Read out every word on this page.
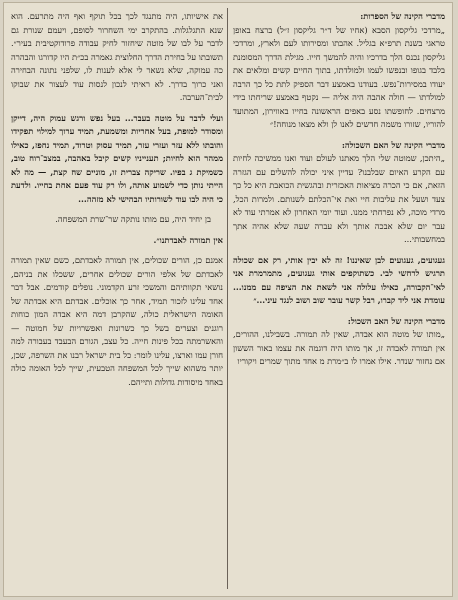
מדברי הקינה של הספרות:

„מרדכי גליקסון הסבא (אחיו של ד״ר גליקסון ז״ל) ברצח באופן טראגי בשנת תרפ״א בגליל. אהבתו ומסירותו לעם ולארץ, ומרדכי גליקסון נכנס הלך בדרכיו והיה להמשך חייו. מגילת הדרך המסומנת בלבד בגופו ובנפשו לעמו ולמולדתו, בתוך החיים קשים ומלאים את יעודו במסירות־נפש. בעודנו באמצע דבר הספיק לתת כל כך הרבה למולדתו — חולה אהבה היה אליה — נקטף באמצע שריחתו בידי מרצחים. לחופשתו נסע באפים הראשונה בחייו באווירון, המתועד להוריו, שזורו משמה חדשים לאנו לן ולא מצאו מנוחה!״

מדברי הקינה של האם השכולה:

„היתכן, שמוטה שלי הלך מאתנו לעולם ועוד ואנו ממשיכה לחיות עם הקרע האיום שבלבנו? עדיין איני יכולה להשלים עם הגזרה הזאת, אם כי הכרה מציאות האכזרית ובהגשית הכואבת היא כל כך צעד ושעל את עליבות חיי ואת אי־הכלתם לשנותם. ולמרות הכל, מרדי מוכה, לא נפרחתי ממנו. ועוד יומי האחרון לא אמרתי עוד לא עבר יום שלא אבכה אותך ולא עברה שעה שלא אהיה אתך במחשבותי...

געגועים, געגועים לבן שאיננו! זה לא יבין אותי, רק אם שכולה תרגיש לרחשי לבי. כשתוקפים אותי געגועים, מתמרמרת אני לאי־הקבורה, כאילו עלולה אני לשאת את הציפה עם ממנו... עומדת אני ליד קברו, רבל קשר עובר שוב ושוב לנגד עיני...״

מדברי הקינה של האב השכול:

„מותו של מוטה הוא אבדה, שאין לה תמורה. בשבילנו, ההורים, אין תמורה לאבדה זו, אך מותו היה דוגמה את עצמו באור הששון אם נחזור שנדר. אילו אמרו לו ב״מרת מ אחד מתוך שמרים ויקוריו

את אישיותו, היה מתנגד לכך בכל תוקף ואף היה מתרעם. הוא שנא התגלגלות. בהתקרב ימי השחרור לסופם, ויעמם שנורת גם לדבר על לבו של מוטה שיחזור לחיק עבודה פרודוקטיבית בעיר״. תשובתו על בחירת הדרך החלוצית גאמרה בכ״ת היו קדורגו והבהרה כה עמוקה, שלא נשאר לי אלא לענות לו, שלפני נתונה הבחירה ואני כרוך בדרך. לא ראיתי לנכון לנסות עוד לעצור את שבוקו לבית־הערבה.

ועלי לדבר על מוטה בעבר... בעל נפש ורגש עמוק היה, דייקן ומסודר למופת, בעל אחריות ומשמעת, תמיד ערוך למילוי תפקידו והובתו ללא עזר ועזרי עזר, תמיד עסוק וטרוד, תמיד נחפז, כאילו ממהר הוא לחיות; תענייניו קשים קיבל באהבה, במצב־רוח טוב, כשמיקת ג בפיו. שריקה צברית זו, מוניים שח קצת, — מה לא הייתי נותן כדי לשמוע אותה, ולו רק עוד פעם אחת בחייו. ולדעת כי היה לבו עוד לשורותיו הבהישי לא מזהה...

בן יחיד היה, עם מותו נותקה שר־שרת המשפחה.

אין תמורה לאבדתנו״.

אמנם כן, הורים שכולים, אין תמורה לאבדתם, כשם שאין תמורה לאבדתם של אלפי הורים שכולים אחרים, ששכלו את בניהם, נושאי תקוותיהם והמשכי זרע הקדמוני. נופלים קודמים. אבל דבר אחד עלינו לזכור תמיד, אחר כך אוכלים. אבדתם היא אבדתה של האומה הישראלית כולה, שהקרבן דמה היא אבדה המון כוחות רוגנים וצערים בשל כך כשרונות ואפשרויות של חמוטה — והאשרמתה בכל פינות חייה. כל עצב, הגורם הבעבד בעבורה למה חורן עמו וארצו, עלינו לומר: כל בית ישראל רבנו את השרפה, שכן, יותר משהוא שייך לכל המשפחה הטבעית, שייך לכל האומה כולה באחד מיסודות גדולות ותייהם.
